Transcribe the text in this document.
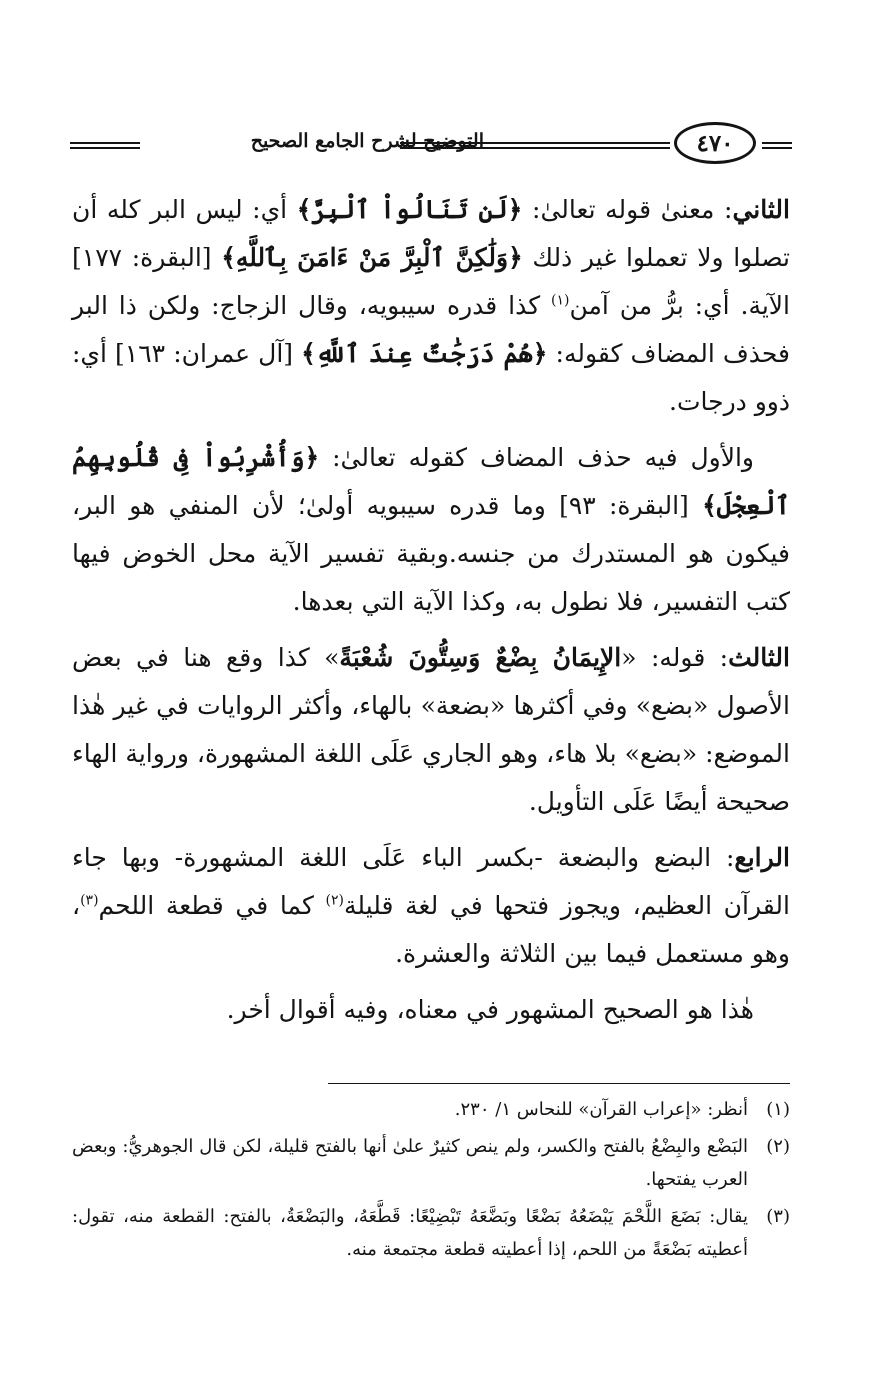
التوضيح لشرح الجامع الصحيح	٤٧٠

الثاني: معنىٰ قوله تعالىٰ: ﴿لَن تَنَالُواْ ٱلْبِرَّ﴾ أي: ليس البر كله أن تصلوا ولا تعملوا غير ذلك ﴿وَلَٰكِنَّ ٱلْبِرَّ مَنْ ءَامَنَ بِٱللَّهِ﴾ [البقرة: ١٧٧] الآية. أي: برُّ من آمن$^{(١)}$ كذا قدره سيبويه، وقال الزجاج: ولكن ذا البر فحذف المضاف كقوله: ﴿هُمْ دَرَجَٰتٌ عِندَ ٱللَّهِ﴾ [آل عمران: ١٦٣] أي: ذوو درجات.

والأول فيه حذف المضاف كقوله تعالىٰ: ﴿وَأُشْرِبُواْ فِى قُلُوبِهِمُ ٱلْعِجْلَ﴾ [البقرة: ٩٣] وما قدره سيبويه أولىٰ؛ لأن المنفي هو البر، فيكون هو المستدرك من جنسه.وبقية تفسير الآية محل الخوض فيها كتب التفسير، فلا نطول به، وكذا الآية التي بعدها.

الثالث: قوله: «الإِيمَانُ بِضْعٌ وَسِتُّونَ شُعْبَةً» كذا وقع هنا في بعض الأصول «بضع» وفي أكثرها «بضعة» بالهاء، وأكثر الروايات في غير هٰذا الموضع: «بضع» بلا هاء، وهو الجاري عَلَى اللغة المشهورة، ورواية الهاء صحيحة أيضًا عَلَى التأويل.

الرابع: البضع والبضعة -بكسر الباء عَلَى اللغة المشهورة- وبها جاء القرآن العظيم، ويجوز فتحها في لغة قليلة$^{(٢)}$ كما في قطعة اللحم$^{(٣)}$، وهو مستعمل فيما بين الثلاثة والعشرة.

هٰذا هو الصحيح المشهور في معناه، وفيه أقوال أخر.

(١)
أنظر: «إعراب القرآن» للنحاس ١/ ٢٣٠.
(٢)
البَضْع والبِضْعُ بالفتح والكسر، ولم ينص كثيرٌ علىٰ أنها بالفتح قليلة، لكن قال الجوهريُّ: وبعض العرب يفتحها.
(٣)
يقال: بَضَعَ اللَّحْمَ يَبْضَعُهُ بَضْعًا وبَضَّعَهُ تَبْضِيْعًا: قَطَّعَهُ، والبَضْعَةُ، بالفتح: القطعة منه، تقول: أعطيته بَضْعَةً من اللحم، إذا أعطيته قطعة مجتمعة منه.
